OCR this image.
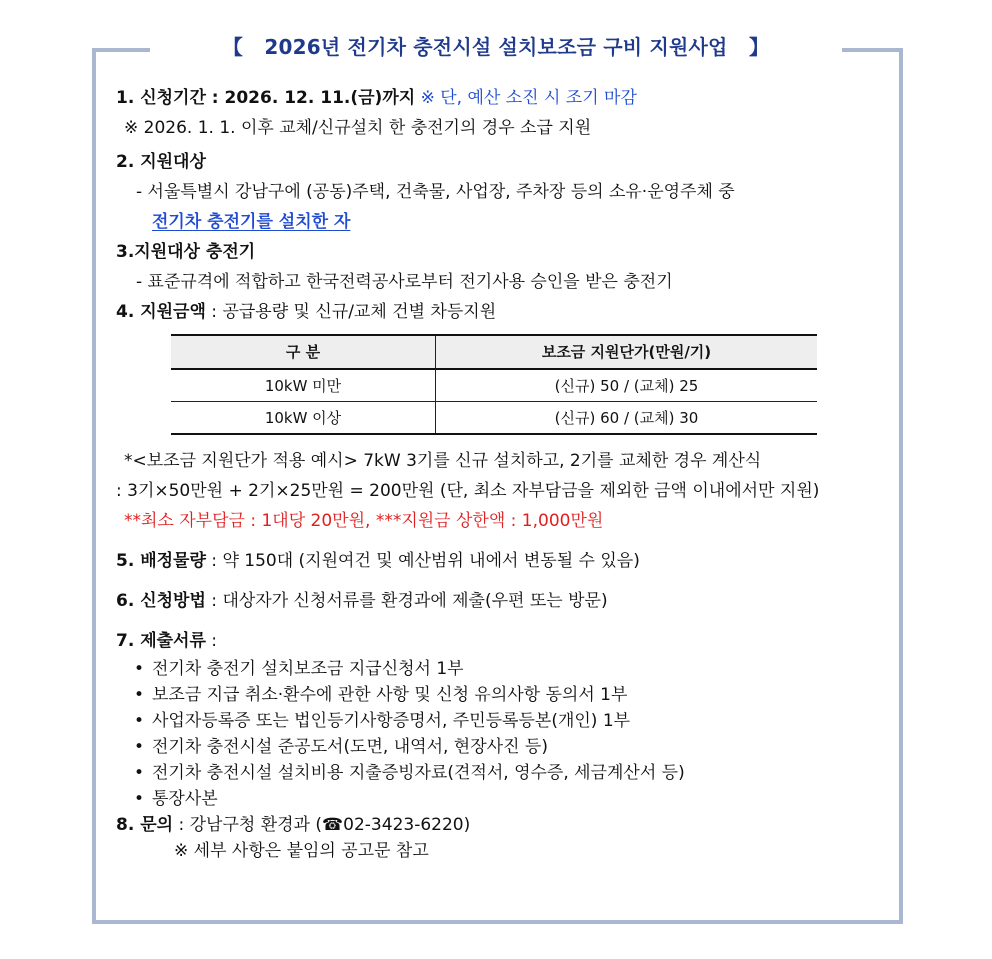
【   2026년 전기차 충전시설 설치보조금 구비 지원사업   】
1. 신청기간 : 2026. 12. 11.(금)까지 ※ 단, 예산 소진 시 조기 마감
※ 2026. 1. 1. 이후 교체/신규설치 한 충전기의 경우 소급 지원
2. 지원대상
- 서울특별시 강남구에 (공동)주택, 건축물, 사업장, 주차장 등의 소유·운영주체 중
전기차 충전기를 설치한 자
3.지원대상 충전기
- 표준규격에 적합하고 한국전력공사로부터 전기사용 승인을 받은 충전기
4. 지원금액 : 공급용량 및 신규/교체 건별 차등지원
구 분	보조금 지원단가(만원/기)
10kW 미만	(신규) 50 / (교체) 25
10kW 이상	(신규) 60 / (교체) 30
*<보조금 지원단가 적용 예시> 7kW 3기를 신규 설치하고, 2기를 교체한 경우 계산식
: 3기×50만원 + 2기×25만원 = 200만원 (단, 최소 자부담금을 제외한 금액 이내에서만 지원)
**최소 자부담금 : 1대당 20만원, ***지원금 상한액 : 1,000만원
5. 배정물량 : 약 150대 (지원여건 및 예산범위 내에서 변동될 수 있음)
6. 신청방법 : 대상자가 신청서류를 환경과에 제출(우편 또는 방문)
7. 제출서류 :
• 전기차 충전기 설치보조금 지급신청서 1부
• 보조금 지급 취소·환수에 관한 사항 및 신청 유의사항 동의서 1부
• 사업자등록증 또는 법인등기사항증명서, 주민등록등본(개인) 1부
• 전기차 충전시설 준공도서(도면, 내역서, 현장사진 등)
• 전기차 충전시설 설치비용 지출증빙자료(견적서, 영수증, 세금계산서 등)
• 통장사본
8. 문의 : 강남구청 환경과 (☎02-3423-6220)
※ 세부 사항은 붙임의 공고문 참고
